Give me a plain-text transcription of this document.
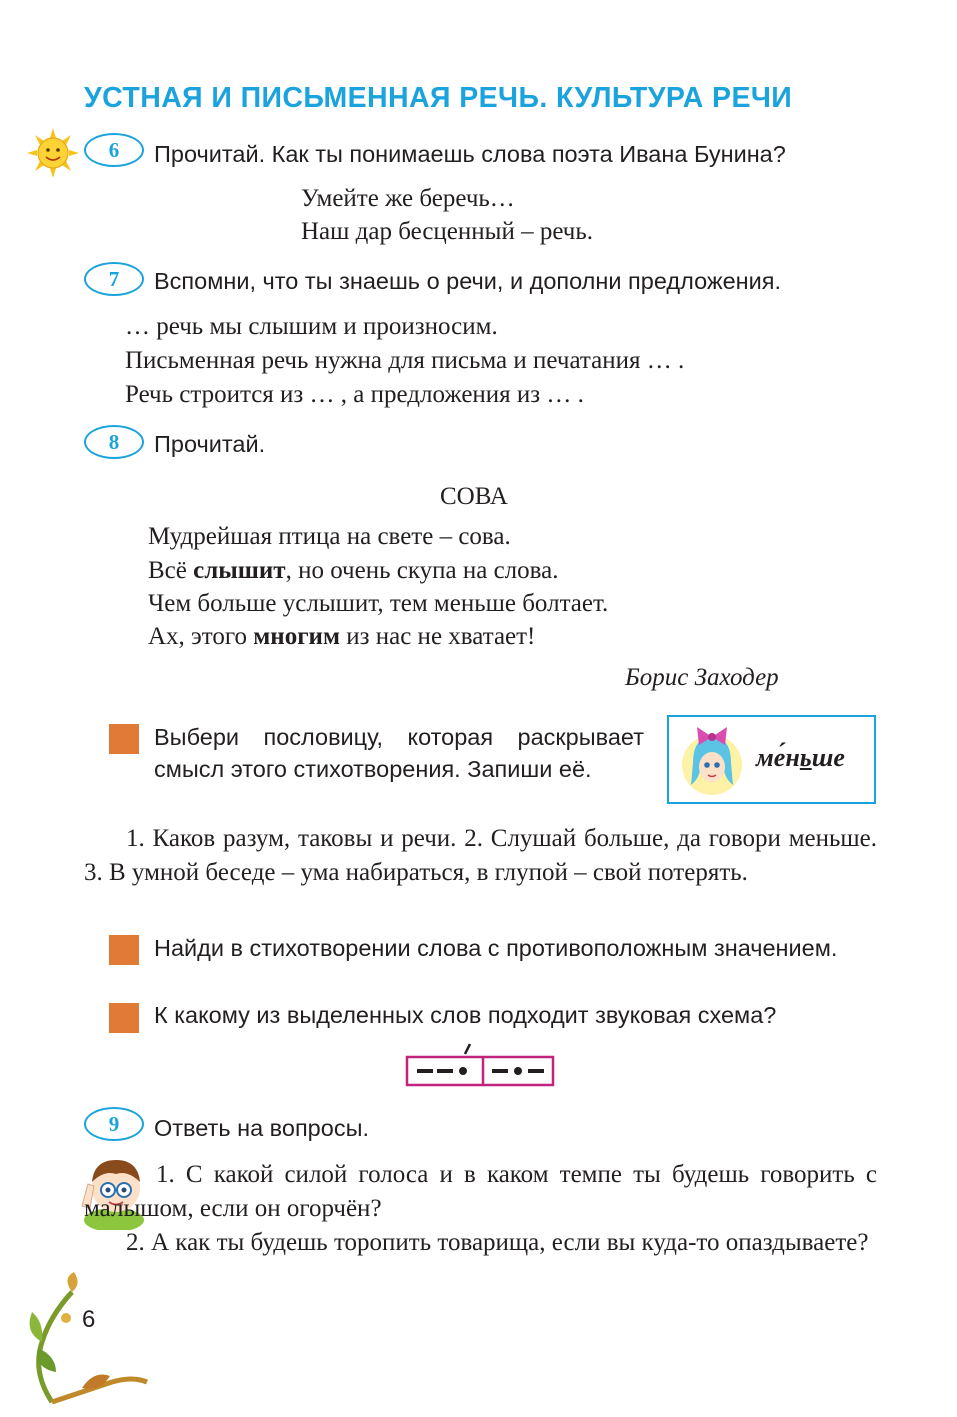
УСТНАЯ И ПИСЬМЕННАЯ РЕЧЬ. КУЛЬТУРА РЕЧИ
6	Прочитай. Как ты понимаешь слова поэта Ивана Бунина?
Умейте же беречь…
Наш дар бесценный – речь.
7	Вспомни, что ты знаешь о речи, и дополни предложения.
… речь мы слышим и произносим.
Письменная речь нужна для письма и печатания … .
Речь строится из … , а предложения из … .
8	Прочитай.
СОВА
Мудрейшая птица на свете – сова.
Всё слышит, но очень скупа на слова.
Чем больше услышит, тем меньше болтает.
Ах, этого многим из нас не хватает!
Борис Заходер
Выбери пословицу, которая раскрывает смысл этого стихотворения. Запиши её.	ме́ньше
1. Каков разум, таковы и речи. 2. Слушай больше, да говори меньше. 3. В умной беседе – ума набираться, в глупой – свой потерять.
Найди в стихотворении слова с противоположным значением.
К какому из выделенных слов подходит звуковая схема?
9	Ответь на вопросы.
1. С какой силой голоса и в каком темпе ты будешь говорить с малышом, если он огорчён?
2. А как ты будешь торопить товарища, если вы куда-то опаздываете?
6
